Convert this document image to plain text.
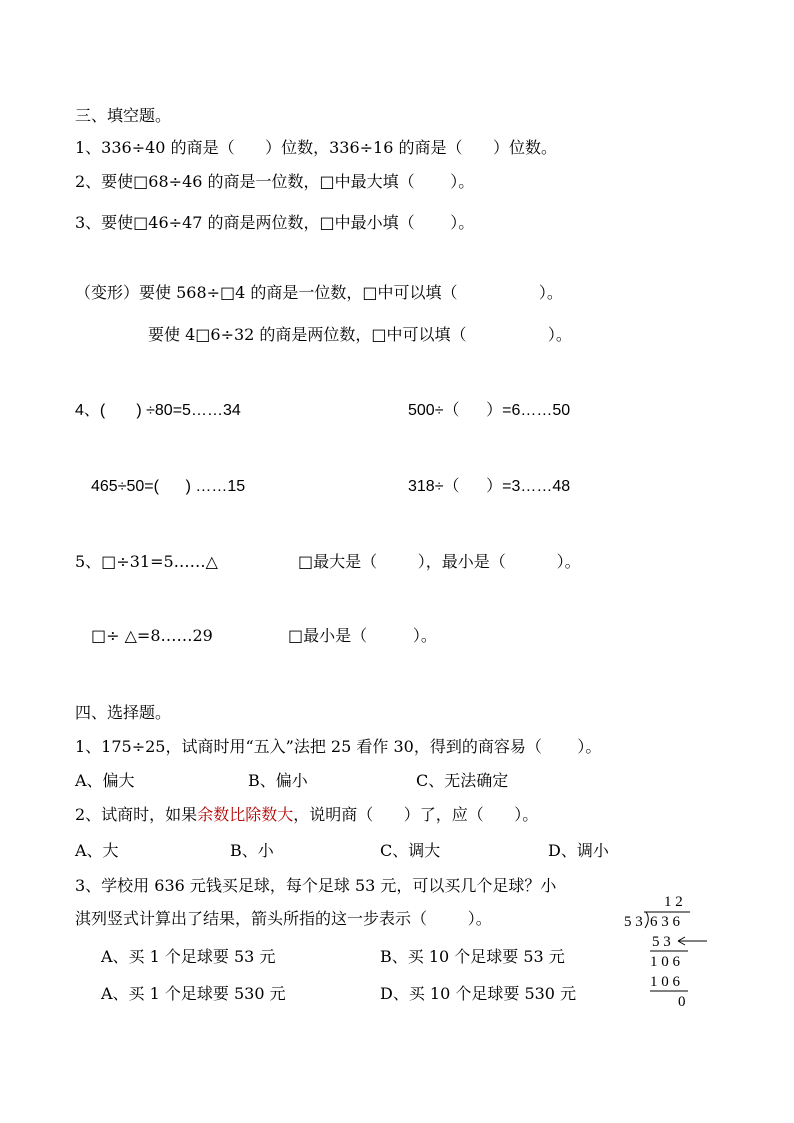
三、填空题。
1、336÷40 的商是（      ）位数，336÷16 的商是（      ）位数。
2、要使□68÷46 的商是一位数，□中最大填（       ）。
3、要使□46÷47 的商是两位数，□中最小填（       ）。
（变形）要使 568÷□4 的商是一位数，□中可以填（                ）。
要使 4□6÷32 的商是两位数，□中可以填（                ）。
4、(       ) ÷80=5……34	500÷（      ）=6……50
465÷50=(      ) ……15	318÷（      ）=3……48
5、□÷31=5……△	□最大是（        ），最小是（          ）。
□÷ △=8……29	□最小是（         ）。
四、选择题。
1、175÷25，试商时用“五入”法把 25 看作 30，得到的商容易（       ）。
A、偏大	B、偏小	C、无法确定
2、试商时，如果余数比除数大，说明商（      ）了，应（      ）。
A、大	B、小	C、调大	D、调小
3、学校用 636 元钱买足球，每个足球 53 元，可以买几个足球？小
淇列竖式计算出了结果，箭头所指的这一步表示（        ）。
A、买 1 个足球要 53 元	B、买 10 个足球要 53 元
A、买 1 个足球要 530 元	D、买 10 个足球要 530 元
1 2
5 3 6 3 6
5 3
1 0 6
1 0 6
0
